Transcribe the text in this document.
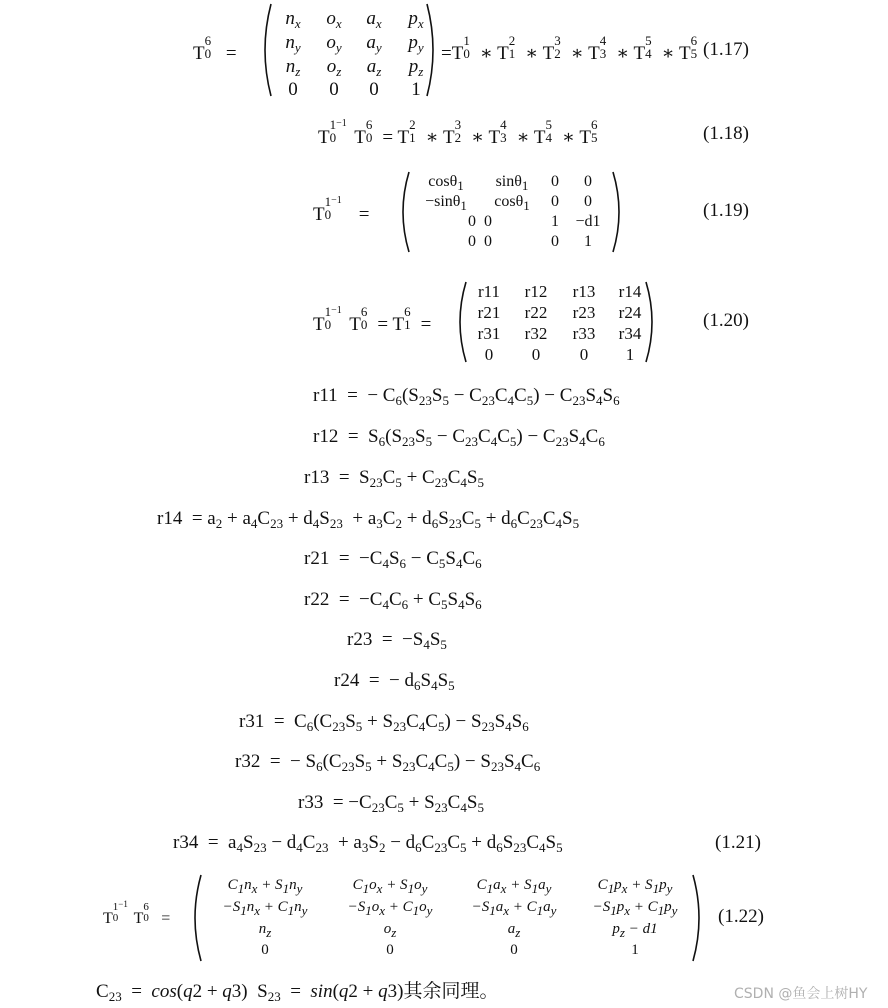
T
6
0 =
$n_x$	$o_x$	$a_x$	$p_x$
$n_y$	$o_y$	$a_y$	$p_y$
$n_z$	$o_z$	$a_z$	$p_z$
0	0	0	1
=T
1
0 ∗ T
2
1 ∗ T
3
2 ∗ T
4
3 ∗ T
5
4 ∗ T
6
5 (1.17)
T
$1^{-1}$
0 T
6
0 = T
2
1 ∗ T
3
2 ∗ T
4
3 ∗ T
5
4 ∗ T
6
5	(1.18)
T
$1^{-1}$
0 =
cosθ$_1$	sinθ$_1$	0	0
−sinθ$_1$	cosθ$_1$	0	0
0	0	1	−d1
0	0	0	1
(1.19)
T
$1^{-1}$
0 T
6
0 = T
6
1 =
r11	r12	r13	r14
r21	r22	r23	r24
r31	r32	r33	r34
0	0	0	1
(1.20)
r11  =  − $C_6(S_{23}S_5 - C_{23}C_4C_5) - C_{23}S_4S_6$
$r12 = S_6(S_{23}S_5 - C_{23}C_4C_5) - C_{23}S_4C_6$
$r13 = S_{23}C_5 + C_{23}C_4S_5$
$r14 = a_2 + a_4C_{23} + d_4S_{23} + a_3C_2 + d_6S_{23}C_5 + d_6C_{23}C_4S_5$
$r21 = -C_4S_6 - C_5S_4C_6$
$r22 = -C_4C_6 + C_5S_4S_6$
$r23 = -S_4S_5$
r24  =  − $d_6S_4S_5$
$r31 = C_6(C_{23}S_5 + S_{23}C_4C_5) - S_{23}S_4S_6$
r32  =  − $S_6(C_{23}S_5 + S_{23}C_4C_5) - S_{23}S_4C_6$
$r33 = -C_{23}C_5 + S_{23}C_4S_5$
$r34 = a_4S_{23} - d_4C_{23} + a_3S_2 - d_6C_{23}C_5 + d_6S_{23}C_4S_5$	(1.21)
T
$1^{-1}$
0 T
6
0 =
$C_1n_x + S_1n_y$	$C_1o_x + S_1o_y$	$C_1a_x + S_1a_y$	$C_1p_x + S_1p_y$
$-S_1n_x + C_1n_y$	$-S_1o_x + C_1o_y$	$-S_1a_x + C_1a_y$	$-S_1p_x + C_1p_y$
$n_z$	$o_z$	$a_z$	$p_z - d1$
0	0	0	1
(1.22)
$C_{23} = \cos(q2 + q3) S_{23} = \sin(q2 + q3)$其余同理。	CSDN @鱼会上树HY
